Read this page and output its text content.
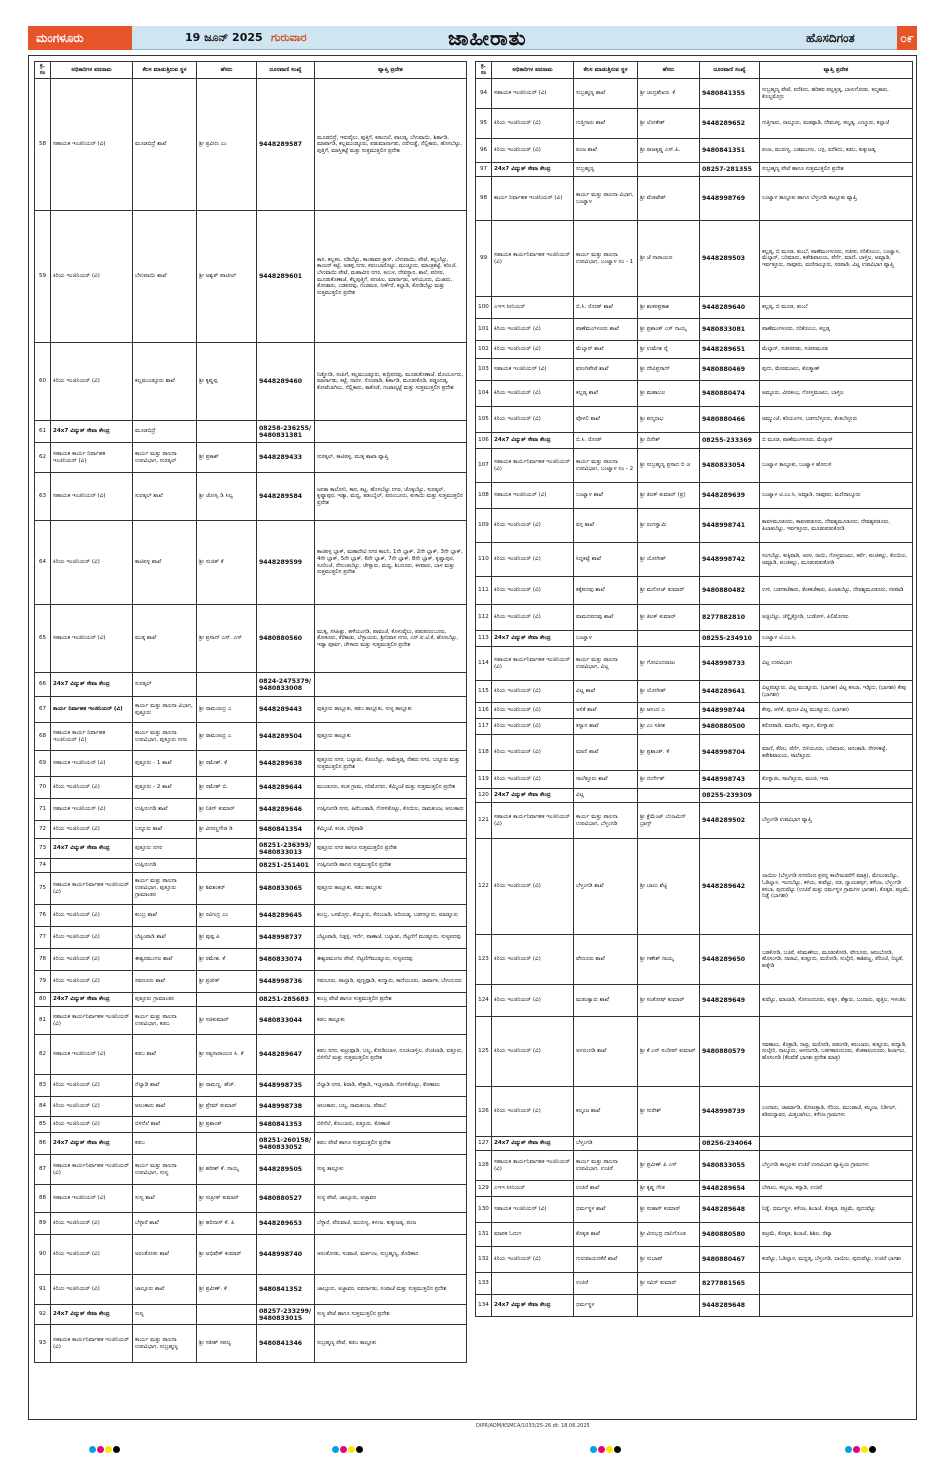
ಮಂಗಳೂರು	19 ಜೂನ್ 2025 ಗುರುವಾರ	ಜಾಹೀರಾತು	ಹೊಸದಿಗಂತ	೦೯
ಕ್ರ. ಸಂ	ಅಧಿಕಾರಿಗಳ ಪದನಾಮ	ಕೆಲಸ ಮಾಡುತ್ತಿರುವ ಸ್ಥಳ	ಹೆಸರು	ದೂರವಾಣಿ ಸಂಖ್ಯೆ	ವ್ಯಾಪ್ತಿ ಪ್ರದೇಶ
58	ಸಹಾಯಕ ಇಂಜಿನಿಯರ್ (ವಿ)	ಮೂಡಬಿದ್ರೆ ಶಾಖೆ	ಶ್ರೀ ಪ್ರವೀಣ ಎಂ	9448289587	ಮೂಡಬಿದ್ರೆ, ಇರುವೈಲು, ಪುತ್ತಿಗೆ, ಕಡಂದಲೆ, ಪಾಲಡ್ಕ, ಬೆಳುವಾಯಿ, ಶಿರ್ತಾಡಿ, ಮಾರ್ಪಾಡಿ, ಕಲ್ಲಮುಂಡ್ಕೂರು, ಪಡುಮಾರ್ನಾಡು, ದರೆಗುಡ್ಡೆ, ನೆಲ್ಲಿಕಾರು, ಹೊಸಬೆಟ್ಟು, ಪುತ್ತಿಗೆ, ಮಾಸ್ತಿಕಟ್ಟೆ ಮತ್ತು ಸುತ್ತಮುತ್ತಲಿನ ಪ್ರದೇಶ
59	ಕಿರಿಯ ಇಂಜಿನಿಯರ್ (ವಿ)	ಬೆಳುವಾಯಿ ಶಾಖೆ	ಶ್ರೀ ಅಶ್ವತ್ ಪಾಟೀಲ್	9448289601	ಕಾನ, ಕಲ್ಲಕಲ, ನಡಿಬೆಟ್ಟು, ಕಾಂತಾವರ ಕ್ರಾಸ್, ಬೆಳುವಾಯಿ, ಪೇಟೆ, ಕಲ್ಲಬೆಟ್ಟು, ಕಾಯರ್ ಕಟ್ಟೆ, ಅಡಪ್ಪ ನಗರ, ಕರುಂಬಾರೊಟ್ಟು, ಮುಚ್ಚೂರು, ಮಾಂತ್ರಕಟ್ಟೆ, ಕರಿಂಜೆ, ಬೆಳುವಾಯಿ ಪೇಟೆ, ಮಹಾವೀರ ನಗರ, ಕಂಬಳ, ದೇವಸ್ಥಾನ, ಶಾಲೆ, ಪರಿಸರ, ಮೂಡುಕೊಣಾಜೆ, ಕೆಲ್ಲಪುತ್ತಿಗೆ, ಪಣಪಿಲ, ಮಾರ್ನಾಡು, ಅಳಿಯೂರು, ಮಿಜಾರು, ತೋಡಾರು, ಎಡಪದವು, ಗಂಜಿಮಠ, ನೀರ್ಕೆರೆ, ಕಲ್ಲಾಡಿ, ಕೋಡಿಬೆಟ್ಟು ಮತ್ತು ಸುತ್ತಮುತ್ತಲಿನ ಪ್ರದೇಶ
60	ಕಿರಿಯ ಇಂಜಿನಿಯರ್ (ವಿ)	ಕಲ್ಲಮುಂಡ್ಕೂರು ಶಾಖೆ	ಶ್ರೀ ಕೃಷ್ಣಪ್ಪ	9448289460	ನಿಡ್ಡೋಡಿ, ಸಂಪಿಗೆ, ಕಲ್ಲಮುಂಡ್ಕೂರು, ಕುದ್ರಿಪದವು, ಮೂಡುಕೊಣಾಜೆ, ಮೊರ್ಯೂರು, ಮಾರ್ನಾಡು, ಕಟ್ಟೆ, ನಾರಳ, ಸೊಂಪಾಡಿ, ಶಿರ್ತಾಡಿ, ಮೂಡುಕೊಡಿ, ಪಡ್ಡಂದಡ್ಕ, ಕೋಟೆಬಾಗಿಲು, ನೆಲ್ಲಿಕಾರು, ತಾಕೊಡೆ, ಗಂಟಾಲ್ಕಟ್ಟೆ ಮತ್ತು ಸುತ್ತಮುತ್ತಲಿನ ಪ್ರದೇಶ
61	24x7 ವಿದ್ಯುತ್ ಸೇವಾ ಕೇಂದ್ರ	ಮೂಡಬಿದ್ರೆ		08258-236255/ 9480831381	
62	ಸಹಾಯಕ ಕಾರ್ಯ ನಿರ್ವಾಹಕ ಇಂಜಿನಿಯರ್ (ವಿ)	ಕಾರ್ಯ ಮತ್ತು ಪಾಲನಾ ಉಪವಿಭಾಗ, ಸುರತ್ಕಲ್	ಶ್ರೀ ಪ್ರಕಾಶ್	9448289433	ಸುರತ್ಕಲ್, ಕಾಟಿಪಳ್ಳ, ಮುಕ್ಕ ಶಾಖಾ ವ್ಯಾಪ್ತಿ
63	ಸಹಾಯಕ ಇಂಜಿನಿಯರ್ (ವಿ)	ಸುರತ್ಕಲ್ ಶಾಖೆ	ಶ್ರೀ ಜೋಸ್ಸಿ ಡಿ ಸಿಲ್ವ	9448289584	ಜನತಾ ಕಾಲೋನಿ, ಕಾನ, ಕಟ್ಲ, ಹೊಸಬೆಟ್ಟು ನಗರ, ಚೊಕ್ಕಬೆಟ್ಟು, ಸುರತ್ಕಲ್, ಕೃಷ್ಣಾಪುರ, ಇಡ್ಯಾ, ಮಧ್ಯ, ತಡಂಬೈಲ್, ಪಣಂಬೂರು, ಕುಳಾಯಿ ಮತ್ತು ಸುತ್ತಮುತ್ತಲಿನ ಪ್ರದೇಶ
64	ಕಿರಿಯ ಇಂಜಿನಿಯರ್ (ವಿ)	ಕಾಟಿಪಳ್ಳ ಶಾಖೆ	ಶ್ರೀ ಸುಜಿತ್ ಕೆ	9448289599	ಕಾಟಿಪಳ್ಳ ಬ್ಲಾಕ್, ಮಹಾದೇವಿ ನಗರ ಕಾಲನಿ, 1ನೇ ಬ್ಲಾಕ್, 2ನೇ ಬ್ಲಾಕ್, 3ನೇ ಬ್ಲಾಕ್, 4ನೇ ಬ್ಲಾಕ್, 5ನೇ ಬ್ಲಾಕ್, 6ನೇ ಬ್ಲಾಕ್, 7ನೇ ಬ್ಲಾಕ್, 8ನೇ ಬ್ಲಾಕ್, ಕೃಷ್ಣಾಪುರ, ಸೂರಿಂಜೆ, ದೇಲಂತಬೆಟ್ಟು, ಚೇಳ್ಯಾರು, ಮಧ್ಯ, ಶಿಬರೂರು, ಕಳವಾರು, ಬಾಳ ಮತ್ತು ಸುತ್ತಮುತ್ತಲಿನ ಪ್ರದೇಶ
65	ಸಹಾಯಕ ಇಂಜಿನಿಯರ್ (ವಿ)	ಮುಕ್ಕ ಶಾಖೆ	ಶ್ರೀ ಪ್ರಸಾದ್ ಎಸ್. ಎಸ್	9480880560	ಮುಕ್ಕ, ಸಸಿಹಿತ್ಲು, ಹಳೆಯಂಗಡಿ, ಪಾವಂಜೆ, ಕೊಳುವೈಲು, ಪಡುಪಣಂಬೂರು, ತೋಕೂರು, ಕೆರೆಕಾಡು, ಬೆಳ್ಳಾಯರು, ಶ್ರೀನಿವಾಸ ನಗರ, ಎನ್.ಐ.ಟಿ.ಕೆ, ಹೊಸಬೆಟ್ಟು, ಇಡ್ಯಾ ಪೂರ್ವ, ಚೇಳಾರು ಮತ್ತು ಸುತ್ತಮುತ್ತಲಿನ ಪ್ರದೇಶ
66	24x7 ವಿದ್ಯುತ್ ಸೇವಾ ಕೇಂದ್ರ	ಸುರತ್ಕಲ್		0824-2475379/ 9480833008	
67	ಕಾರ್ಯ ನಿರ್ವಾಹಕ ಇಂಜಿನಿಯರ್ (ವಿ)	ಕಾರ್ಯ ಮತ್ತು ಪಾಲನಾ ವಿಭಾಗ, ಪುತ್ತೂರು	ಶ್ರೀ ರಾಮಚಂದ್ರ ಎ	9448289443	ಪುತ್ತೂರು ತಾಲ್ಲೂಕು, ಕಡಬ ತಾಲ್ಲೂಕು, ಸುಳ್ಯ ತಾಲ್ಲೂಕು
68	ಸಹಾಯಕ ಕಾರ್ಯ ನಿರ್ವಾಹಕ ಇಂಜಿನಿಯರ್ (ವಿ)	ಕಾರ್ಯ ಮತ್ತು ಪಾಲನಾ ಉಪವಿಭಾಗ, ಪುತ್ತೂರು ನಗರ	ಶ್ರೀ ರಾಮಚಂದ್ರ ಎ	9448289504	ಪುತ್ತೂರು ತಾಲ್ಲೂಕು
69	ಸಹಾಯಕ ಇಂಜಿನಿಯರ್ (ವಿ)	ಪುತ್ತೂರು - 1 ಶಾಖೆ	ಶ್ರೀ ರಮೇಶ್. ಕೆ	9448289638	ಪುತ್ತೂರು ನಗರ, ಬಲ್ನಾಡು, ಕೊಂಬೆಟ್ಟು, ಸಾಮೆತ್ತಡ್ಕ, ನೆಹರು ನಗರ, ಬನ್ನೂರು ಮತ್ತು ಸುತ್ತಮುತ್ತಲಿನ ಪ್ರದೇಶ
70	ಕಿರಿಯ ಇಂಜಿನಿಯರ್ (ವಿ)	ಪುತ್ತೂರು - 2 ಶಾಖೆ	ಶ್ರೀ ರಮೇಶ್ ಬಿ.	9448289644	ಮುಂಡೂರು, ಕಬಕ ಗ್ರಾಮ, ನರಿಮೊಗರು, ಕೆಮ್ಮಿಂಜೆ ಮತ್ತು ಸುತ್ತಮುತ್ತಲಿನ ಪ್ರದೇಶ
71	ಸಹಾಯಕ ಇಂಜಿನಿಯರ್ (ವಿ)	ಉಪ್ಪಿನಂಗಡಿ ಶಾಖೆ	ಶ್ರೀ ನಿತಿನ್ ಕುಮಾರ್	9448289646	ಉಪ್ಪಿನಂಗಡಿ ನಗರ, ಹಿರೆಬಂಡಾಡಿ, ಗೋಳಿತೊಟ್ಟು, ಕೊಯಿಲ, ರಾಮಕುಂಜ, ಆಲಂಕಾರು
72	ಕಿರಿಯ ಇಂಜಿನಿಯರ್ (ವಿ)	ಬನ್ನೂರು ಶಾಖೆ	ಶ್ರೀ ವೀರಣ್ಣಗೌಡ ಡಿ	9480841354	ಕೆಮ್ಮಿಂಜೆ, ಕಬಕ, ಬೆಳ್ಳಿಪಾಡಿ
73	24x7 ವಿದ್ಯುತ್ ಸೇವಾ ಕೇಂದ್ರ	ಪುತ್ತೂರು ನಗರ		08251-236393/ 9480833013	ಪುತ್ತೂರು ನಗರ ಹಾಗೂ ಸುತ್ತಮುತ್ತಲಿನ ಪ್ರದೇಶ
74		ಉಪ್ಪಿನಂಗಡಿ		08251-251401	ಉಪ್ಪಿನಂಗಡಿ ಹಾಗೂ ಸುತ್ತಮುತ್ತಲಿನ ಪ್ರದೇಶ
75	ಸಹಾಯಕ ಕಾರ್ಯನಿರ್ವಾಹಕ ಇಂಜಿನಿಯರ್ (ವಿ)	ಕಾರ್ಯ ಮತ್ತು ಪಾಲನಾ ಉಪವಿಭಾಗ, ಪುತ್ತೂರು ಗ್ರಾಮಾಂತರ	ಶ್ರೀ ಶಿವಶಂಕರ್	9480833065	ಪುತ್ತೂರು ತಾಲ್ಲೂಕು, ಕಡಬ ತಾಲ್ಲೂಕು
76	ಕಿರಿಯ ಇಂಜಿನಿಯರ್ (ವಿ)	ಕುಂಬ್ರ ಶಾಖೆ	ಶ್ರೀ ರವೀಂದ್ರ ಎಂ	9448289645	ಕುಂಬ್ರ, ಒಳಮೊಗ್ರು, ಕೆಯ್ಯೂರು, ಕೆದಂಬಾಡಿ, ಅರಿಯಡ್ಕ, ಬಡಗನ್ನೂರು, ಮಾಡ್ನೂರು
77	ಕಿರಿಯ ಇಂಜಿನಿಯರ್ (ವಿ)	ಬೆಟ್ಟಂಪಾಡಿ ಶಾಖೆ	ಶ್ರೀ ಪುಷ್ಪ ಪಿ	9448998737	ಬೆಟ್ಟಂಪಾಡಿ, ನಿಡ್ಪಳ್ಳಿ, ಇರ್ದೆ, ಪಾಣಾಜೆ, ಬಲ್ನಾಡು, ನೆಟ್ಟಣಿಗೆ ಮುಡ್ನೂರು, ಸುಳ್ಯಪದವು
78	ಕಿರಿಯ ಇಂಜಿನಿಯರ್ (ವಿ)	ಈಶ್ವರಮಂಗಲ ಶಾಖೆ	ಶ್ರೀ ರಮೇಶ. ಕೆ	9480833074	ಈಶ್ವರಮಂಗಲ ಪೇಟೆ, ನೆಟ್ಟಣಿಗೆಮುಡ್ನೂರು, ಸುಳ್ಯಪದವು
79	ಕಿರಿಯ ಇಂಜಿನಿಯರ್ (ವಿ)	ಸವಣೂರು ಶಾಖೆ	ಶ್ರೀ ಪ್ರಜೀತ್	9448998736	ಸವಣೂರು, ಪಾಲ್ತಾಡಿ, ಪುಣ್ಚಪ್ಪಾಡಿ, ಕುದ್ಮಾರು, ಕಾಣಿಯೂರು, ಚಾರ್ವಾಕ, ಬೆಳಂದೂರು
80	24x7 ವಿದ್ಯುತ್ ಸೇವಾ ಕೇಂದ್ರ	ಪುತ್ತೂರು ಗ್ರಾಮಾಂತರ		08251-285683	ಕುಂಬ್ರ ಪೇಟೆ ಹಾಗೂ ಸುತ್ತಮುತ್ತಲಿನ ಪ್ರದೇಶ
81	ಸಹಾಯಕ ಕಾರ್ಯನಿರ್ವಾಹಕ ಇಂಜಿನಿಯರ್ (ವಿ)	ಕಾರ್ಯ ಮತ್ತು ಪಾಲನಾ ಉಪವಿಭಾಗ, ಕಡಬ	ಶ್ರೀ ಸಜಿಕುಮಾರ್	9480833044	ಕಡಬ ತಾಲ್ಲೂಕು
82	ಸಹಾಯಕ ಇಂಜಿನಿಯರ್ (ವಿ)	ಕಡಬ ಶಾಖೆ	ಶ್ರೀ ಸತ್ಯನಾರಾಯಣ ಸಿ. ಕೆ	9448289647	ಕಡಬ ನಗರ, ಕುಟ್ರುಪ್ಪಾಡಿ, ಬಲ್ಯ, ಕೋಡಿಂಬಾಳ, ನೂಜಿಬಾಳ್ತಿಲ, ರೆಂಜಿಲಾಡಿ, ಐತ್ತೂರು, ಬಿಳಿನೆಲೆ ಮತ್ತು ಸುತ್ತಮುತ್ತಲಿನ ಪ್ರದೇಶ
83	ಕಿರಿಯ ಇಂಜಿನಿಯರ್ (ವಿ)	ನೆಲ್ಯಾಡಿ ಶಾಖೆ	ಶ್ರೀ ರಾಮಣ್ಣ. ಹೆಚ್.	9448998735	ನೆಲ್ಯಾಡಿ ನಗರ, ಶಿರಾಡಿ, ಕೌಕ್ರಾಡಿ, ಇಚ್ಲಂಪಾಡಿ, ಗೋಳಿತೊಟ್ಟು, ಕೊಣಾಲು
84	ಕಿರಿಯ ಇಂಜಿನಿಯರ್ (ವಿ)	ಆಲಂಕಾರು ಶಾಖೆ	ಶ್ರೀ ಪ್ರೇಮ್ ಕುಮಾರ್	9448998738	ಆಲಂಕಾರು, ಬಲ್ಯ, ರಾಮಕುಂಜ, ಪೆರಾಬೆ
85	ಕಿರಿಯ ಇಂಜಿನಿಯರ್ (ವಿ)	ಬಿಳಿನೆಲೆ ಶಾಖೆ	ಶ್ರೀ ಪ್ರಶಾಂತ್	9480841353	ಬಿಳಿನೆಲೆ, ಕೊಂಬಾರು, ಐತ್ತೂರು, ಕೊಣಾಜೆ
86	24x7 ವಿದ್ಯುತ್ ಸೇವಾ ಕೇಂದ್ರ	ಕಡಬ		08251-260158/ 9480833052	ಕಡಬ ಪೇಟೆ ಹಾಗೂ ಸುತ್ತಮುತ್ತಲಿನ ಪ್ರದೇಶ
87	ಸಹಾಯಕ ಕಾರ್ಯನಿರ್ವಾಹಕ ಇಂಜಿನಿಯರ್ (ವಿ)	ಕಾರ್ಯ ಮತ್ತು ಪಾಲನಾ ಉಪವಿಭಾಗ, ಸುಳ್ಯ	ಶ್ರೀ ಹರೀಶ್ ಕೆ. ನಾಯ್ಕ	9448289505	ಸುಳ್ಯ ತಾಲ್ಲೂಕು
88	ಸಹಾಯಕ ಇಂಜಿನಿಯರ್ (ವಿ)	ಸುಳ್ಯ ಶಾಖೆ	ಶ್ರೀ ಸುಪ್ರೀತ್ ಕುಮಾರ್	9480880527	ಸುಳ್ಯ ಪೇಟೆ, ಜಾಲ್ಸೂರು, ಅಜ್ಜಾವರ
89	ಕಿರಿಯ ಇಂಜಿನಿಯರ್ (ವಿ)	ಬೆಳ್ಳಾರೆ ಶಾಖೆ	ಶ್ರೀ ಹರಿದಾಸ್ ಕೆ. ಪಿ	9448289653	ಬೆಳ್ಳಾರೆ, ಪೆರುವಾಜೆ, ಮುರುಳ್ಯ, ಕಳಂಜ, ಕುಕ್ಕುಜಡ್ಕ, ಪಂಜ
90	ಕಿರಿಯ ಇಂಜಿನಿಯರ್ (ವಿ)	ಅರಂತೋಡು ಶಾಖೆ	ಶ್ರೀ ಅಭಿಷೇಕ್ ಕುಮಾರ್	9448998740	ಅರಂತೋಡು, ಸಂಪಾಜೆ, ಮರ್ಕಂಜ, ಸುಬ್ರಹ್ಮಣ್ಯ, ತೊಡಿಕಾನ
91	ಕಿರಿಯ ಇಂಜಿನಿಯರ್ (ವಿ)	ಜಾಲ್ಸೂರು ಶಾಖೆ	ಶ್ರೀ ಪ್ರವೀಣ್. ಕೆ	9480841352	ಜಾಲ್ಸೂರು, ಅಜ್ಜಾವರ, ಐವರ್ನಾಡು, ಸಂಪಾಜೆ ಮತ್ತು ಸುತ್ತಮುತ್ತಲಿನ ಪ್ರದೇಶ
92	24x7 ವಿದ್ಯುತ್ ಸೇವಾ ಕೇಂದ್ರ	ಸುಳ್ಯ		08257-233299/ 9480833015	ಸುಳ್ಯ ಪೇಟೆ ಹಾಗೂ ಸುತ್ತಮುತ್ತಲಿನ ಪ್ರದೇಶ
93	ಸಹಾಯಕ ಕಾರ್ಯನಿರ್ವಾಹಕ ಇಂಜಿನಿಯರ್ (ವಿ)	ಕಾರ್ಯ ಮತ್ತು ಪಾಲನಾ ಉಪವಿಭಾಗ, ಸುಬ್ರಹ್ಮಣ್ಯ	ಶ್ರೀ ಸತೀಶ್ ಸಪಲ್ಯ	9480841346	ಸುಬ್ರಹ್ಮಣ್ಯ ಪೇಟೆ, ಕಡಬ ತಾಲ್ಲೂಕು
ಕ್ರ. ಸಂ	ಅಧಿಕಾರಿಗಳ ಪದನಾಮ	ಕೆಲಸ ಮಾಡುತ್ತಿರುವ ಸ್ಥಳ	ಹೆಸರು	ದೂರವಾಣಿ ಸಂಖ್ಯೆ	ವ್ಯಾಪ್ತಿ ಪ್ರದೇಶ
94	ಸಹಾಯಕ ಇಂಜಿನಿಯರ್ (ವಿ)	ಸುಬ್ರಹ್ಮಣ್ಯ ಶಾಖೆ	ಶ್ರೀ ಚಂದ್ರಶೇಖರ. ಕೆ	9480841355	ಸುಬ್ರಹ್ಮಣ್ಯ ಪೇಟೆ, ಐನೆಕಿದು, ಹರಿಹರ ಪಲ್ಲತ್ತಡ್ಕ, ಬಾಳುಗೋಡು, ಕಲ್ಮಕಾರು, ಕೊಲ್ಲಮೊಗ್ರು
95	ಕಿರಿಯ ಇಂಜಿನಿಯರ್ (ವಿ)	ಗುತ್ತಿಗಾರು ಶಾಖೆ	ಶ್ರೀ ಲೋಕೇಶ್	9448289652	ಗುತ್ತಿಗಾರು, ನಾಲ್ಕೂರು, ಮಡಪ್ಪಾಡಿ, ದೇವಚಳ್ಳ, ಕಲ್ಮಡ್ಕ, ಎಣ್ಮೂರು, ಕಲ್ಲಾಜೆ
96	ಕಿರಿಯ ಇಂಜಿನಿಯರ್ (ವಿ)	ಪಂಜ ಶಾಖೆ	ಶ್ರೀ ರಾಜಕೃಷ್ಣ ಎಸ್.ಪಿ.	9480841351	ಪಂಜ, ಮುರುಳ್ಯ, ಎಡಮಂಗಲ, ಬಳ್ಪ, ಐನೆಕಿದು, ಕಡಬ, ಕುಕ್ಕುಜಡ್ಕ
97	24x7 ವಿದ್ಯುತ್ ಸೇವಾ ಕೇಂದ್ರ	ಸುಬ್ರಹ್ಮಣ್ಯ		08257-281355	ಸುಬ್ರಹ್ಮಣ್ಯ ಪೇಟೆ ಹಾಗೂ ಸುತ್ತಮುತ್ತಲಿನ ಪ್ರದೇಶ
98	ಕಾರ್ಯ ನಿರ್ವಾಹಕ ಇಂಜಿನಿಯರ್ (ವಿ)	ಕಾರ್ಯ ಮತ್ತು ಪಾಲನಾ ವಿಭಾಗ, ಬಂಟ್ವಾಳ	ಶ್ರೀ ವೆಂಕಟೇಶ್	9448998769	ಬಂಟ್ವಾಳ ತಾಲ್ಲೂಕು ಹಾಗೂ ಬೆಳ್ತಂಗಡಿ ತಾಲ್ಲೂಕು ವ್ಯಾಪ್ತಿ
99	ಸಹಾಯಕ ಕಾರ್ಯನಿರ್ವಾಹಕ ಇಂಜಿನಿಯರ್ (ವಿ)	ಕಾರ್ಯ ಮತ್ತು ಪಾಲನಾ ಉಪವಿಭಾಗ, ಬಂಟ್ವಾಳ ನಂ - 1	ಶ್ರೀ ಜೆ ನಾರಾಯಣ	9448289503	ಕಲ್ಲಡ್ಕ, ಬಿ ಮೂಡ, ತುಂಬೆ, ಪಾಣೆಮಂಗಳೂರು, ಸಜೀಪ, ನರಿಕೊಂಬು, ಬಂಟ್ವಾಳ, ಮೆಲ್ಕಾರ್, ಬರಿಮಾರು, ಕಡೇಶಿವಾಲಯ, ಪೆರ್ನೆ, ಮಾಣಿ, ಬಾಳ್ತಿಲ, ಅಮ್ಟಾಡಿ, ಇರ್ವತ್ತೂರು, ನಾವೂರು, ಮಣಿನಾಲ್ಕೂರು, ಸರಪಾಡಿ, ವಿಟ್ಲ ಉಪವಿಭಾಗ ವ್ಯಾಪ್ತಿ
100	ಎಇಇ ಸೀನಿಯರ್	ಬಿ.ಸಿ. ರೋಡ್ ಶಾಖೆ	ಶ್ರೀ ಶಂಕರಪ್ರಕಾಶ	9448289640	ಕಲ್ಲಡ್ಕ, ಬಿ ಮೂಡ, ತುಂಬೆ
101	ಕಿರಿಯ ಇಂಜಿನಿಯರ್ (ವಿ)	ಪಾಣೆಮಂಗಳೂರು ಶಾಖೆ	ಶ್ರೀ ಪ್ರಶಾಂತ್ ಎಸ್ ನಾಯ್ಕ	9480833081	ಪಾಣೆಮಂಗಳೂರು, ನರಿಕೊಂಬು, ಕಲ್ಲಡ್ಕ
102	ಕಿರಿಯ ಇಂಜಿನಿಯರ್ (ವಿ)	ಮೆಲ್ಕಾರ್ ಶಾಖೆ	ಶ್ರೀ ಉಮೇಶ ರೈ	9448289651	ಮೆಲ್ಕಾರ್, ಸಜೀಪನಡು, ಸಜೀಪಮೂಡ
103	ಸಹಾಯಕ ಇಂಜಿನಿಯರ್ (ವಿ)	ಫರಂಗಿಪೇಟೆ ಶಾಖೆ	ಶ್ರೀ ದೇವಿಪ್ರಸಾದ್	9480880469	ಪುದು, ಮೇರಮಜಲು, ಕೊಡ್ಮಾಣ್
104	ಕಿರಿಯ ಇಂಜಿನಿಯರ್ (ವಿ)	ಕಲ್ಲಡ್ಕ ಶಾಖೆ	ಶ್ರೀ ಮಹಾಬಲ	9480880474	ಅಮ್ಟೂರು, ವೀರಕಂಭ, ಗೋಳ್ತಮಜಲು, ಬಾಳ್ತಿಲ
105	ಕಿರಿಯ ಇಂಜಿನಿಯರ್ (ವಿ)	ಪೊಳಲಿ ಶಾಖೆ	ಶ್ರೀ ಪದ್ಮನಾಭ	9480880466	ಅಮ್ಮುಂಜೆ, ಕರಿಯಂಗಳ, ಬಡಗಬೆಳ್ಳೂರು, ತೆಂಕಬೆಳ್ಳೂರು
106	24x7 ವಿದ್ಯುತ್ ಸೇವಾ ಕೇಂದ್ರ	ಬಿ.ಸಿ. ರೋಡ್	ಶ್ರೀ ದಿನೇಶ್	08255-233369	ಬಿ ಮೂಡ, ಪಾಣೆಮಂಗಳೂರು, ಮೆಲ್ಕಾರ್
107	ಸಹಾಯಕ ಕಾರ್ಯನಿರ್ವಾಹಕ ಇಂಜಿನಿಯರ್ (ವಿ)	ಕಾರ್ಯ ಮತ್ತು ಪಾಲನಾ ಉಪವಿಭಾಗ, ಬಂಟ್ವಾಳ ನಂ - 2	ಶ್ರೀ ಸುಬ್ರಹ್ಮಣ್ಯ ಪ್ರಸಾದ ಬಿ ಚ	9480833054	ಬಂಟ್ವಾಳ ತಾಲ್ಲೂಕು, ಬಂಟ್ವಾಳ ಹೋಬಳಿ
108	ಸಹಾಯಕ ಇಂಜಿನಿಯರ್ (ವಿ)	ಬಂಟ್ವಾಳ ಶಾಖೆ	ಶ್ರೀ ತಿಲಕ್ ಕುಮಾರ್ (ಪ್ರ)	9448289639	ಬಂಟ್ವಾಳ ಟಿ.ಎಂ.ಸಿ, ಅಮ್ಟಾಡಿ, ನಾವೂರು, ಮಣಿನಾಲ್ಕೂರು
109	ಕಿರಿಯ ಇಂಜಿನಿಯರ್ (ವಿ)	ವಗ್ಗ ಶಾಖೆ	ಶ್ರೀ ರಂಗಸ್ವಾಮಿ	9448998741	ಕಾವಳಮೂಡೂರು, ಕಾವಳಪಡೂರು, ದೇವಶ್ಯಮೂಡೂರು, ದೇವಶ್ಯಪಡೂರು, ಪಿಲಾತಬೆಟ್ಟು, ಇರ್ವತ್ತೂರು, ಮೂಡುಪಡುಕೋಡಿ
110	ಕಿರಿಯ ಇಂಜಿನಿಯರ್ (ವಿ)	ಸಿದ್ದಕಟ್ಟೆ ಶಾಖೆ	ಶ್ರೀ ಯೋಗೀಶ್	9448998742	ಸಂಗಬೆಟ್ಟು, ಕುಕ್ಕಿಪಾಡಿ, ಅರಳ, ರಾಯಿ, ಗೊಳ್ತಮಜಲು, ಕರ್ಪೆ, ಪಂಜಿಕಲ್ಲು, ಕೊಯಿಲ, ಅಮ್ಟಾಡಿ, ಪಂಜಿಕಲ್ಲು, ಮೂಡುಪಡುಕೋಡಿ
111	ಕಿರಿಯ ಇಂಜಿನಿಯರ್ (ವಿ)	ಕಕ್ಕೆಪದವು ಶಾಖೆ	ಶ್ರೀ ಮನೋಜ್ ಕುಮಾರ್	9480880482	ಉಳಿ, ಬಡಗಕಜೆಕಾರು, ತೆಂಕಕಜೆಕಾರು, ಪಿಲಾತಬೆಟ್ಟು, ದೇವಶ್ಯಮೂಡೂರು, ಸರಪಾಡಿ
112	ಕಿರಿಯ ಇಂಜಿನಿಯರ್ (ವಿ)	ವಾಮದಪದವು ಶಾಖೆ	ಶ್ರೀ ತಿಲಕ್ ಕುಮಾರ್	8277882810	ಅಜ್ಜಿಬೆಟ್ಟು, ಚೆನ್ನೈತ್ತೋಡಿ, ಬುಡೋಳಿ, ಪಿಲಿಮೊಗರು
113	24x7 ವಿದ್ಯುತ್ ಸೇವಾ ಕೇಂದ್ರ	ಬಂಟ್ವಾಳ		08255-234910	ಬಂಟ್ವಾಳ ಟಿ.ಎಂ.ಸಿ.
114	ಸಹಾಯಕ ಕಾರ್ಯನಿರ್ವಾಹಕ ಇಂಜಿನಿಯರ್ (ವಿ)	ಕಾರ್ಯ ಮತ್ತು ಪಾಲನಾ ಉಪವಿಭಾಗ, ವಿಟ್ಲ	ಶ್ರೀ ಗೋವಿಂದರಾಜು	9448998733	ವಿಟ್ಲ ಉಪವಿಭಾಗ
115	ಕಿರಿಯ ಇಂಜಿನಿಯರ್ (ವಿ)	ವಿಟ್ಲ ಶಾಖೆ	ಶ್ರೀ ಯೋಗೀಶ್	9448289641	ವಿಟ್ಲಪಡ್ನೂರು, ವಿಟ್ಲ ಮುಡ್ನೂರು, (ಭಾಗಶಃ) ವಿಟ್ಲ ಕಸಬಾ, ಇಡ್ಕಿದು, (ಭಾಗಶಃ) ಕೇಪು (ಭಾಗಶಃ)
116	ಕಿರಿಯ ಇಂಜಿನಿಯರ್ (ವಿ)	ಅಳಿಕೆ ಶಾಖೆ	ಶ್ರೀ ಆನಂದ ಎ	9448998744	ಕೇಪು, ಅಳಿಕೆ, ಪುಣಚ ವಿಟ್ಲ ಮುಡ್ನೂರು, (ಭಾಗಶಃ)
117	ಕಿರಿಯ ಇಂಜಿನಿಯರ್ (ವಿ)	ಕನ್ಯಾನ ಶಾಖೆ	ಶ್ರೀ ಎಂ ಸತೀಶ	9480880500	ಕರೋಪಾಡಿ, ಮಾಣಿಲ, ಕನ್ಯಾನ, ಕೊಳ್ನಾಡು
118	ಕಿರಿಯ ಇಂಜಿನಿಯರ್ (ವಿ)	ಮಾಣಿ ಶಾಖೆ	ಶ್ರೀ ಪ್ರಶಾಂತ್. ಕೆ	9448998704	ಮಾಣಿ, ಕೆದಿಲ, ಪೆರ್ನೆ, ಬಿಳಿಯೂರು, ಬರಿಮಾರು, ಅನಂತಾಡಿ, ನೇರಳಕಟ್ಟೆ, ಕಡೇಶಿವಾಲಯ, ಸಾಲೆತ್ತೂರು
119	ಕಿರಿಯ ಇಂಜಿನಿಯರ್ (ವಿ)	ಸಾಲೆತ್ತೂರು ಶಾಖೆ	ಶ್ರೀ ದುರ್ಗೇಶ್	9448998743	ಕೊಳ್ನಾಡು, ಸಾಲೆತ್ತೂರು, ಮಂಚಿ, ಇರಾ
120	24x7 ವಿದ್ಯುತ್ ಸೇವಾ ಕೇಂದ್ರ	ವಿಟ್ಲ		08255-239309	
121	ಸಹಾಯಕ ಕಾರ್ಯನಿರ್ವಾಹಕ ಇಂಜಿನಿಯರ್ (ವಿ)	ಕಾರ್ಯ ಮತ್ತು ಪಾಲನಾ ಉಪವಿಭಾಗ, ಬೆಳ್ತಂಗಡಿ	ಶ್ರೀ ಕ್ಲೆಮೆಂಟ್ ಬೆಂಜಮಿನ್ ಬ್ರಾಗ್ಸ್	9448289502	ಬೆಳ್ತಂಗಡಿ ಉಪವಿಭಾಗ ವ್ಯಾಪ್ತಿ
122	ಕಿರಿಯ ಇಂಜಿನಿಯರ್ (ವಿ)	ಬೆಳ್ತಂಗಡಿ ಶಾಖೆ	ಶ್ರೀ ಬಾಲು ಶೆಟ್ಟಿ	9448289642	ಲಾಯಿಲ (ಬೆಳ್ತಂಗಡಿ ನಗರದಿಂದ ಪ್ರಸನ್ನ ಕಾಲೇಜುವರೆಗೆ ಮಾತ್ರ), ಮೇಲಂತಬೆಟ್ಟು, ಓಡಿಲ್ನಾಳ, ಇಂದಬೆಟ್ಟು, ಕಳಿಯ, ಕುವೆಟ್ಟು, ನಡ, ನ್ಯಾಯತರ್ಪು, ಕಳೆಂಜ, ಬೆಳ್ತಂಗಡಿ ಕಸಬಾ, ಪುದುವೆಟ್ಟು (ಉಜಿರೆ ಮತ್ತು ಧರ್ಮಸ್ಥಳ ಗ್ರಾಮಗಳ ಭಾಗಶಃ), ಕೊಕ್ಕಡ, ಪಟ್ರಮೆ, ನಿಡ್ಲೆ (ಭಾಗಶಃ)
123	ಕಿರಿಯ ಇಂಜಿನಿಯರ್ (ವಿ)	ವೇಣೂರು ಶಾಖೆ	ಶ್ರೀ ಗಣೇಶ್ ನಾಯ್ಕ	9448289650	ಬಡಕೋಡಿ, ಬಜಿರೆ, ಕರಿಮಣೇಲು, ಮೂಡುಕೋಡಿ, ವೇಣೂರು, ಆರಂಬೋಡಿ, ಹೊಸಂಗಡಿ, ನಾರಾವಿ, ಕುತ್ಲೂರು, ಮರೋಡಿ, ಸುಲ್ಕೇರಿ, ಕಾಶಿಪಟ್ಣ, ಪೆರಿಂಜೆ, ನಿಟ್ಟಡೆ, ಕುಕ್ಕೇಡಿ
124	ಕಿರಿಯ ಇಂಜಿನಿಯರ್ (ವಿ)	ಮಡಂತ್ಯಾರು ಶಾಖೆ	ಶ್ರೀ ಸಂತೋಷ್ ಕುಮಾರ್	9448289649	ಕುವೆಟ್ಟು, ಮಾಲಾಡಿ, ಸೋಣಂದೂರು, ಕುಕ್ಕಳ, ತೆಕ್ಕಾರು, ಬಂದಾರು, ಪುತ್ತಿಲ, ಇಳಂತಿಲ
125	ಕಿರಿಯ ಇಂಜಿನಿಯರ್ (ವಿ)	ಅಳದಂಗಡಿ ಶಾಖೆ	ಶ್ರೀ ಕೆ ಎಸ್ ಸಂದೀಪ್ ಕುಮಾರ್	9480880579	ಸವಣಾಲು, ಕೊಕ್ರಾಡಿ, ನಾವ್ರ, ಮರೋಡಿ, ಪಡಂಗಡಿ, ಕರಂಬಾರು, ಕುತ್ಲೂರು, ಕುದ್ಯಾಡಿ, ಸುಲ್ಕೇರಿ, ನಾಲ್ಕೂರು, ಅಳದಂಗಡಿ, ಬಡಗಕಾರಂದೂರು, ತೆಂಕಕಾರಂದೂರು, ಶಿರ್ಲಾಲು, ಹೊಸಂಗಡಿ (ಕೆಲವೆಡೆ ಭಾಗಶಃ ಪ್ರದೇಶ ಮಾತ್ರ)
126	ಕಿರಿಯ ಇಂಜಿನಿಯರ್ (ವಿ)	ಕಲ್ಮಂಜ ಶಾಖೆ	ಶ್ರೀ ಸುರೇಶ್	9448998739	ಬಂದಾರು, ಚಾರ್ಮಾಡಿ, ತೋಟತ್ತಾಡಿ, ನೆರಿಯ, ಮುಂಡಾಜೆ, ಕಲ್ಮಂಜ, ನಿಡಿಗಲ್, ಕಡಿರುದ್ಯಾವರ, ಮಿತ್ತಬಾಗಿಲು, ಕಳೆಂಜ ಗ್ರಾಮಗಳು
127	24x7 ವಿದ್ಯುತ್ ಸೇವಾ ಕೇಂದ್ರ	ಬೆಳ್ತಂಗಡಿ		08256-234064	
128	ಸಹಾಯಕ ಕಾರ್ಯನಿರ್ವಾಹಕ ಇಂಜಿನಿಯರ್ (ವಿ)	ಕಾರ್ಯ ಮತ್ತು ಪಾಲನಾ ಉಪವಿಭಾಗ, ಉಜಿರೆ	ಶ್ರೀ ಪ್ರವೀಣ್ ಪಿ ಎಸ್	9480833055	ಬೆಳ್ತಂಗಡಿ ತಾಲ್ಲೂಕು ಉಜಿರೆ ಉಪವಿಭಾಗ ವ್ಯಾಪ್ತಿಯ ಗ್ರಾಮಗಳು
129	ಎಇಇ ಸೀನಿಯರ್	ಉಜಿರೆ ಶಾಖೆ	ಶ್ರೀ ಕೃಷ್ಣ ಗೌಡ	9448289654	ಬೆಳಾಲು, ಕಲ್ಮಂಜ, ಕನ್ಯಾಡಿ, ಉಜಿರೆ
130	ಸಹಾಯಕ ಇಂಜಿನಿಯರ್ (ವಿ)	ಧರ್ಮಸ್ಥಳ ಶಾಖೆ	ಶ್ರೀ ಸುಹಾಸ್ ಕುಮಾರ್	9448289648	ನಿಡ್ಲೆ, ಧರ್ಮಸ್ಥಳ, ಕಳೆಂಜ, ಶಿಬಾಜೆ, ಕೊಕ್ಕಡ, ಪಟ್ರಮೆ, ಪುದುವೆಟ್ಟು
131	ಮಾಪಕ ಓದುಗ	ಕೊಕ್ಕಡ ಶಾಖೆ	ಶ್ರೀ ವೀರಭದ್ರ ದಾನಿಗೊಂಡ	9480880580	ಪಟ್ರಮೆ, ಕೊಕ್ಕಡ, ಶಿಬಾಜೆ, ಶಿಶಿಲ, ರೆಖ್ಯಾ
132	ಕಿರಿಯ ಇಂಜಿನಿಯರ್ (ವಿ)	ಗುರುವಾಯನಕೆರೆ ಶಾಖೆ	ಶ್ರೀ ಸುಭಾಷ್	9480880467	ಕುವೆಟ್ಟು, ಓಡಿಲ್ನಾಳ, ಮದ್ದಡ್ಕ, ಬೆಳ್ತಂಗಡಿ, ಲಾಯಿಲ, ಪುದುವೆಟ್ಟು, ಉಜಿರೆ ಭಾಗಶಃ
133		ಉಜಿರೆ	ಶ್ರೀ ಸವಿನ್ ಕುಮಾರ್	8277881565	
134	24x7 ವಿದ್ಯುತ್ ಸೇವಾ ಕೇಂದ್ರ	ಧರ್ಮಸ್ಥಳ		9448289648	
DIPR/ADM/KSMCA/1033/25-26 dt: 18.06.2025
